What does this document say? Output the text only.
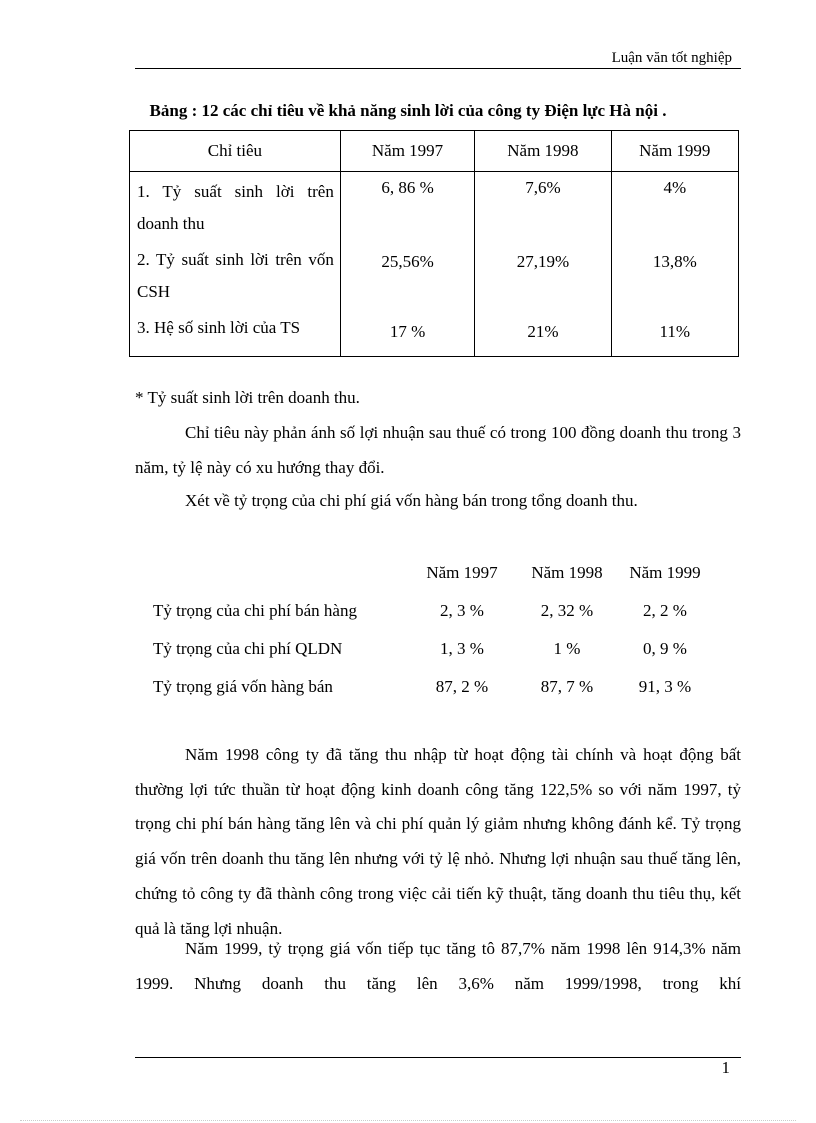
Luận văn tốt nghiệp
Bảng : 12 các chỉ tiêu về khả năng sinh lời của công ty Điện lực Hà nội .
Chỉ tiêu	Năm 1997	Năm 1998	Năm 1999
1. Tỷ suất sinh lời trên doanh thu	6, 86 %	7,6%	4%
2. Tỷ suất sinh lời trên vốn CSH	25,56%	27,19%	13,8%
3. Hệ số sinh lời của TS	17 %	21%	11%
* Tỷ suất sinh lời trên doanh thu.
Chỉ tiêu này phản ánh số lợi nhuận sau thuế có trong 100 đồng doanh thu trong 3 năm, tỷ lệ này có xu hướng thay đổi.
Xét về tỷ trọng của chi phí giá vốn hàng bán trong tổng doanh thu.
	Năm 1997	Năm 1998	Năm 1999
Tỷ trọng của chi phí bán hàng	2, 3 %	2, 32 %	2, 2 %
Tỷ trọng của chi phí QLDN	1, 3 %	1 %	0, 9 %
Tỷ trọng giá vốn hàng bán	87, 2 %	87, 7 %	91, 3 %
Năm 1998 công ty đã tăng thu nhập từ hoạt động tài chính và hoạt động bất thường lợi tức thuần từ hoạt động kinh doanh công tăng 122,5% so với năm 1997, tỷ trọng chi phí bán hàng tăng lên và chi phí quản lý giảm nhưng không đánh kể. Tỷ trọng giá vốn trên doanh thu tăng lên nhưng với tỷ lệ nhỏ. Nhưng lợi nhuận sau thuế tăng lên, chứng tỏ công ty đã thành công trong việc cải tiến kỹ thuật, tăng doanh thu tiêu thụ, kết quả là tăng lợi nhuận.
Năm 1999, tỷ trọng giá vốn tiếp tục tăng tô 87,7% năm 1998 lên 914,3% năm 1999. Nhưng doanh thu tăng lên 3,6% năm 1999/1998, trong khí
1
